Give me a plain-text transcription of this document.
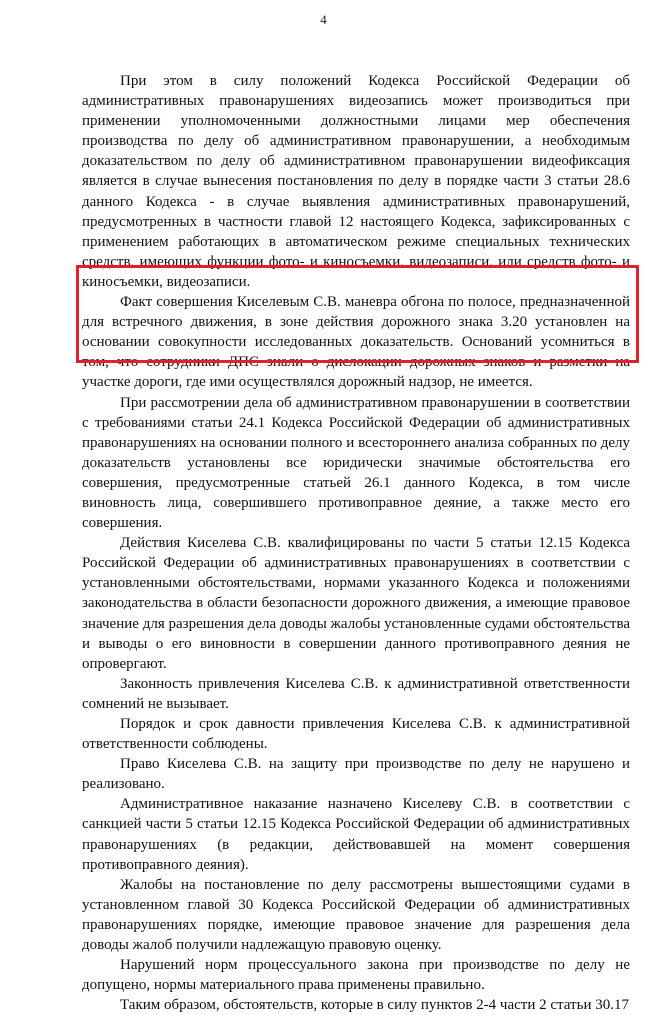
4

При этом в силу положений Кодекса Российской Федерации об административных правонарушениях видеозапись может производиться при применении уполномоченными должностными лицами мер обеспечения производства по делу об административном правонарушении, а необходимым доказательством по делу об административном правонарушении видеофиксация является в случае вынесения постановления по делу в порядке части 3 статьи 28.6 данного Кодекса - в случае выявления административных правонарушений, предусмотренных в частности главой 12 настоящего Кодекса, зафиксированных с применением работающих в автоматическом режиме специальных технических средств, имеющих функции фото- и киносъемки, видеозаписи, или средств фото- и киносъемки, видеозаписи.

Факт совершения Киселевым С.В. маневра обгона по полосе, предназначенной для встречного движения, в зоне действия дорожного знака 3.20 установлен на основании совокупности исследованных доказательств. Оснований усомниться в том, что сотрудники ДПС знали о дислокации дорожных знаков и разметки на участке дороги, где ими осуществлялся дорожный надзор, не имеется.

При рассмотрении дела об административном правонарушении в соответствии с требованиями статьи 24.1 Кодекса Российской Федерации об административных правонарушениях на основании полного и всестороннего анализа собранных по делу доказательств установлены все юридически значимые обстоятельства его совершения, предусмотренные статьей 26.1 данного Кодекса, в том числе виновность лица, совершившего противоправное деяние, а также место его совершения.

Действия Киселева С.В. квалифицированы по части 5 статьи 12.15 Кодекса Российской Федерации об административных правонарушениях в соответствии с установленными обстоятельствами, нормами указанного Кодекса и положениями законодательства в области безопасности дорожного движения, а имеющие правовое значение для разрешения дела доводы жалобы установленные судами обстоятельства и выводы о его виновности в совершении данного противоправного деяния не опровергают.

Законность привлечения Киселева С.В. к административной ответственности сомнений не вызывает.

Порядок и срок давности привлечения Киселева С.В. к административной ответственности соблюдены.

Право Киселева С.В. на защиту при производстве по делу не нарушено и реализовано.

Административное наказание назначено Киселеву С.В. в соответствии с санкцией части 5 статьи 12.15 Кодекса Российской Федерации об административных правонарушениях (в редакции, действовавшей на момент совершения противоправного деяния).

Жалобы на постановление по делу рассмотрены вышестоящими судами в установленном главой 30 Кодекса Российской Федерации об административных правонарушениях порядке, имеющие правовое значение для разрешения дела доводы жалоб получили надлежащую правовую оценку.

Нарушений норм процессуального закона при производстве по делу не допущено, нормы материального права применены правильно.

Таким образом, обстоятельств, которые в силу пунктов 2-4 части 2 статьи 30.17
